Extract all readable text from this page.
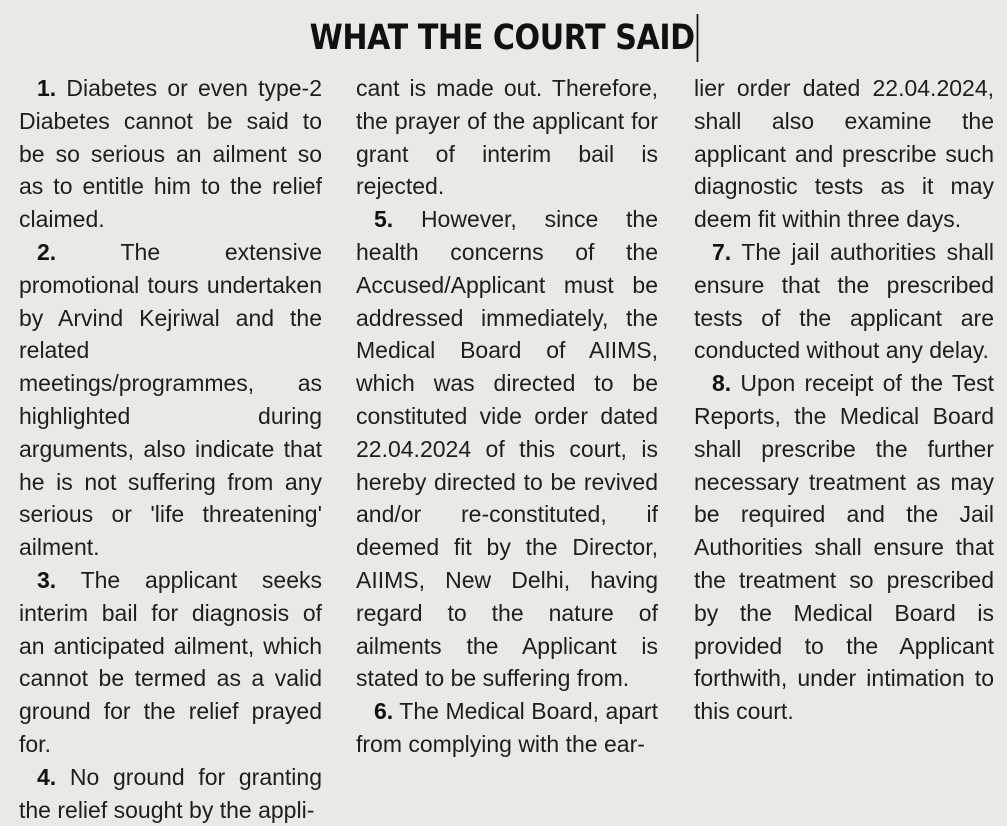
WHAT THE COURT SAID

1. Diabetes or even type-2 Diabetes cannot be said to be so serious an ailment so as to entitle him to the relief claimed.

2. The extensive promotional tours undertaken by Arvind Kejriwal and the related meetings/programmes, as highlighted during arguments, also indicate that he is not suffering from any serious or 'life threatening' ailment.

3. The applicant seeks interim bail for diagnosis of an anticipated ailment, which cannot be termed as a valid ground for the relief prayed for.

4. No ground for granting the relief sought by the appli-

cant is made out. Therefore, the prayer of the applicant for grant of interim bail is rejected.

5. However, since the health concerns of the Accused/Applicant must be addressed immediately, the Medical Board of AIIMS, which was directed to be constituted vide order dated 22.04.2024 of this court, is hereby directed to be revived and/or re-constituted, if deemed fit by the Director, AIIMS, New Delhi, having regard to the nature of ailments the Applicant is stated to be suffering from.

6. The Medical Board, apart from complying with the ear-

lier order dated 22.04.2024, shall also examine the applicant and prescribe such diagnostic tests as it may deem fit within three days.

7. The jail authorities shall ensure that the prescribed tests of the applicant are conducted without any delay.

8. Upon receipt of the Test Reports, the Medical Board shall prescribe the further necessary treatment as may be required and the Jail Authorities shall ensure that the treatment so prescribed by the Medical Board is provided to the Applicant forthwith, under intimation to this court.
